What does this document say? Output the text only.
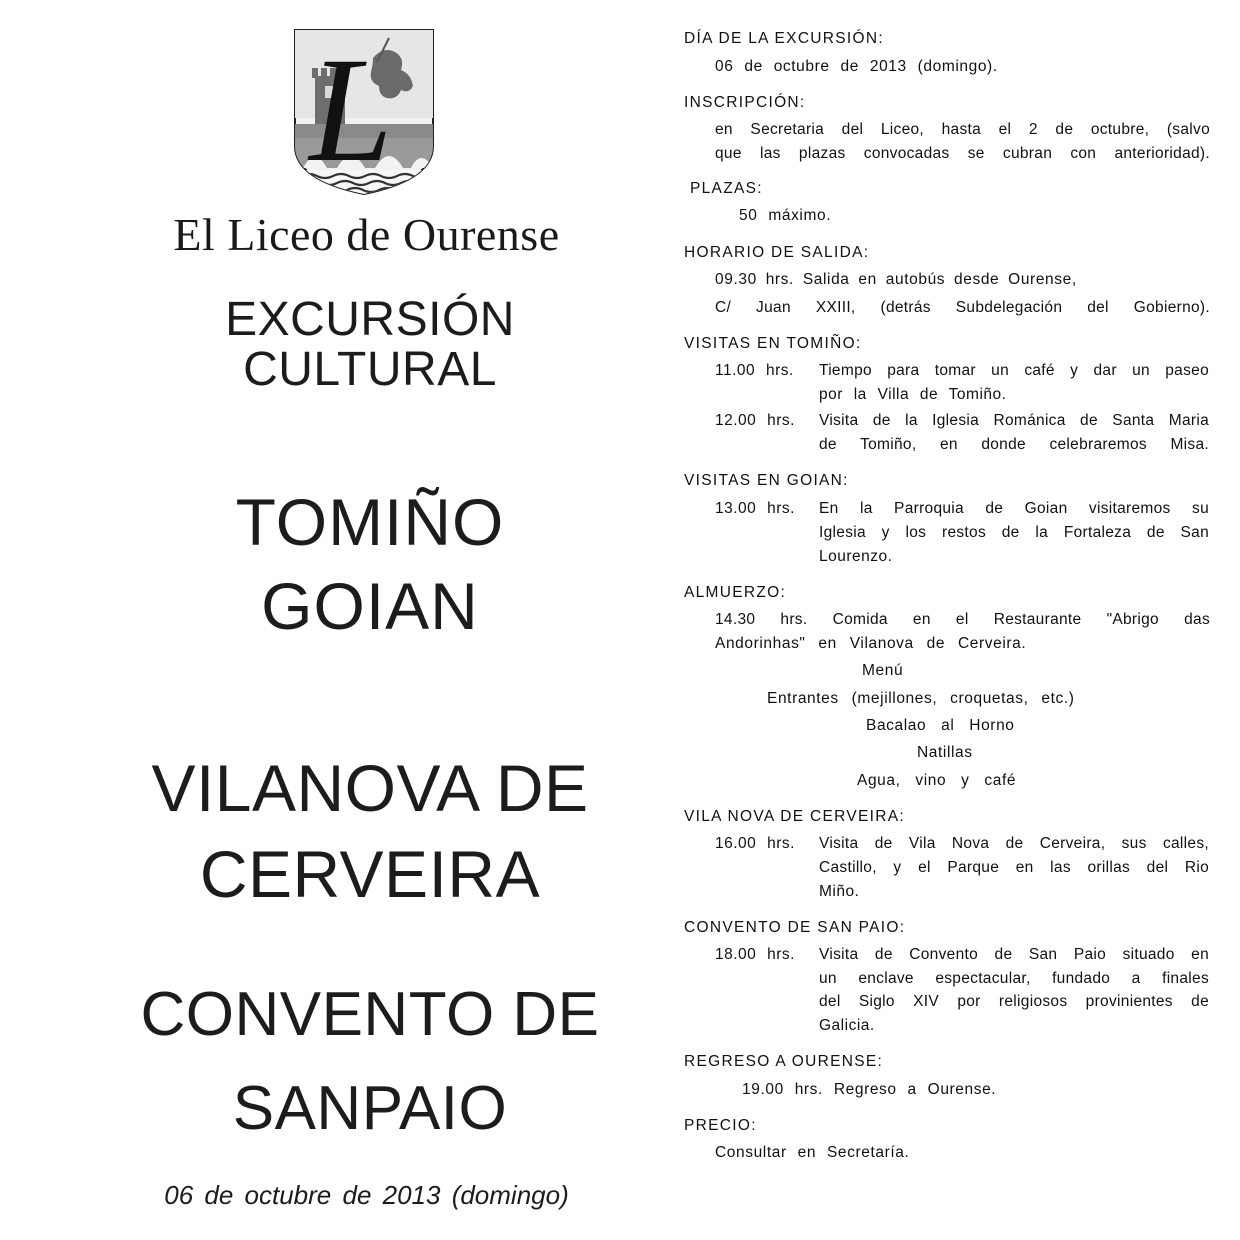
L
El Liceo de Ourense
EXCURSIÓN
CULTURAL
TOMIÑO
GOIAN
VILANOVA DE
CERVEIRA
CONVENTO DE
SANPAIO
06 de octubre de 2013 (domingo)
DÍA DE LA EXCURSIÓN:
06 de octubre de 2013 (domingo).
INSCRIPCIÓN:
en Secretaria del Liceo, hasta el 2 de octubre, (salvo
que las plazas convocadas se cubran con anterioridad).
PLAZAS:
50 máximo.
HORARIO DE SALIDA:
09.30 hrs. Salida en autobús desde Ourense,
C/ Juan XXIII, (detrás Subdelegación del Gobierno).
VISITAS EN TOMIÑO:
11.00 hrs. Tiempo para tomar un café y dar un paseo
por la Villa de Tomiño.
12.00 hrs. Visita de la Iglesia Románica de Santa Maria
de Tomiño, en donde celebraremos Misa.
VISITAS EN GOIAN:
13.00 hrs. En la Parroquia de Goian visitaremos su
Iglesia y los restos de la Fortaleza de San
Lourenzo.
ALMUERZO:
14.30 hrs. Comida en el Restaurante "Abrigo das
Andorinhas" en Vilanova de Cerveira.
Menú
Entrantes (mejillones, croquetas, etc.)
Bacalao al Horno
Natillas
Agua, vino y café
VILA NOVA DE CERVEIRA:
16.00 hrs. Visita de Vila Nova de Cerveira, sus calles,
Castillo, y el Parque en las orillas del Rio
Miño.
CONVENTO DE SAN PAIO:
18.00 hrs. Visita de Convento de San Paio situado en
un enclave espectacular, fundado a finales
del Siglo XIV por religiosos provinientes de
Galicia.
REGRESO A OURENSE:
19.00 hrs. Regreso a Ourense.
PRECIO:
Consultar en Secretaría.
